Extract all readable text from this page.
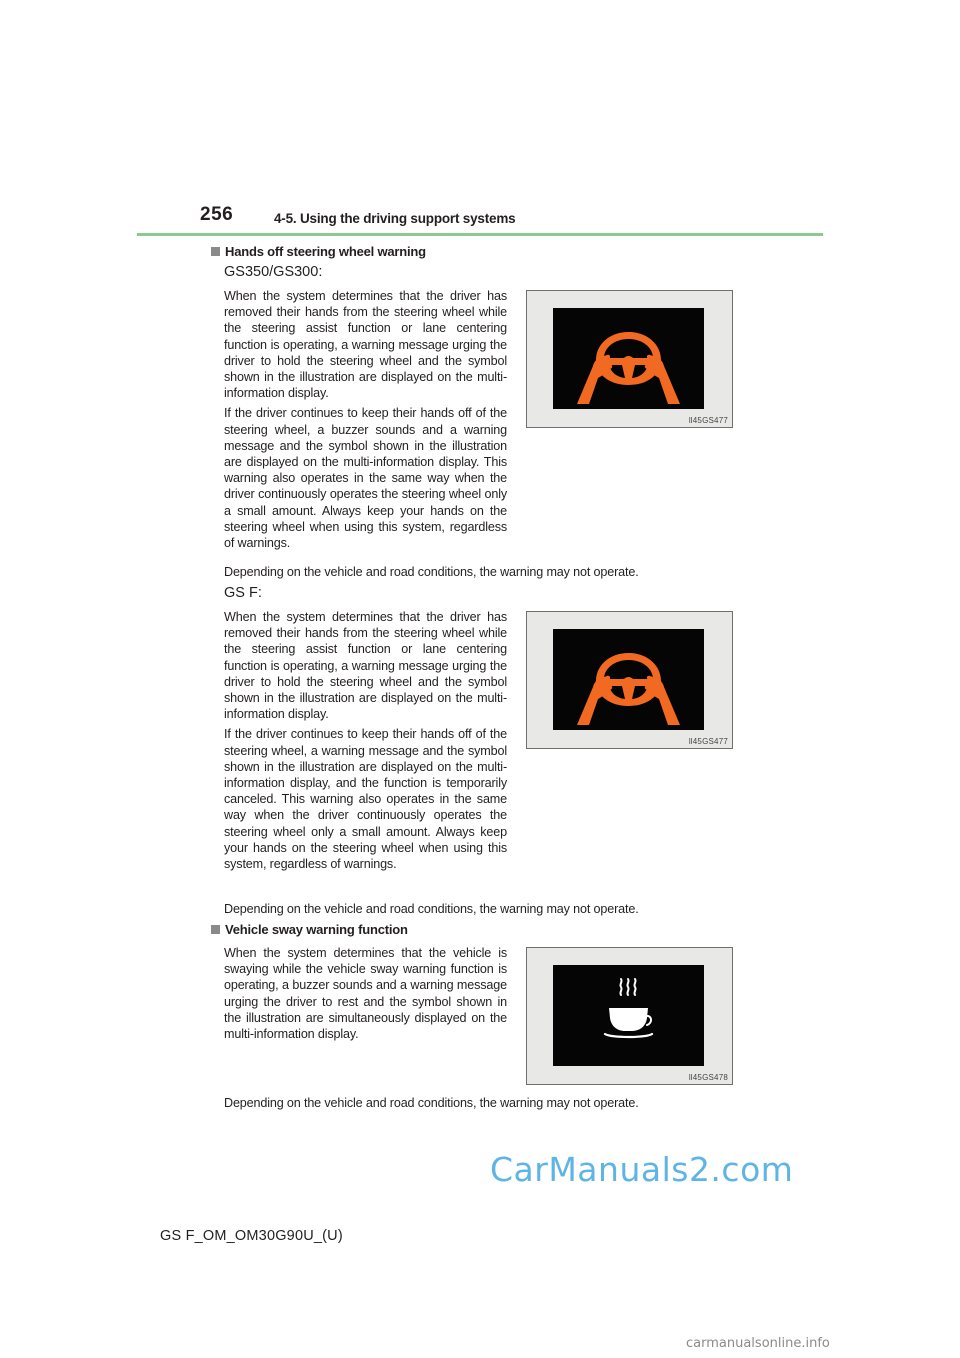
256	4-5. Using the driving support systems
Hands off steering wheel warning
GS350/GS300:

When the system determines that the driver has removed their hands from the steering wheel while the steering assist function or lane centering function is operating, a warning message urging the driver to hold the steering wheel and the symbol shown in the illustration are displayed on the multi-information display.

If the driver continues to keep their hands off of the steering wheel, a buzzer sounds and a warning message and the symbol shown in the illustration are displayed on the multi-information display. This warning also operates in the same way when the driver continuously operates the steering wheel only a small amount. Always keep your hands on the steering wheel when using this system, regardless of warnings.

ll45GS477
Depending on the vehicle and road conditions, the warning may not operate.
GS F:

When the system determines that the driver has removed their hands from the steering wheel while the steering assist function or lane centering function is operating, a warning message urging the driver to hold the steering wheel and the symbol shown in the illustration are displayed on the multi-information display.

If the driver continues to keep their hands off of the steering wheel, a warning message and the symbol shown in the illustration are displayed on the multi-information display, and the function is temporarily canceled. This warning also operates in the same way when the driver continuously operates the steering wheel only a small amount. Always keep your hands on the steering wheel when using this system, regardless of warnings.

ll45GS477
Depending on the vehicle and road conditions, the warning may not operate.
Vehicle sway warning function

When the system determines that the vehicle is swaying while the vehicle sway warning function is operating, a buzzer sounds and a warning message urging the driver to rest and the symbol shown in the illustration are simultaneously displayed on the multi-information display.

ll45GS478
Depending on the vehicle and road conditions, the warning may not operate.
CarManuals2.com
GS F_OM_OM30G90U_(U)
carmanualsonline.info
